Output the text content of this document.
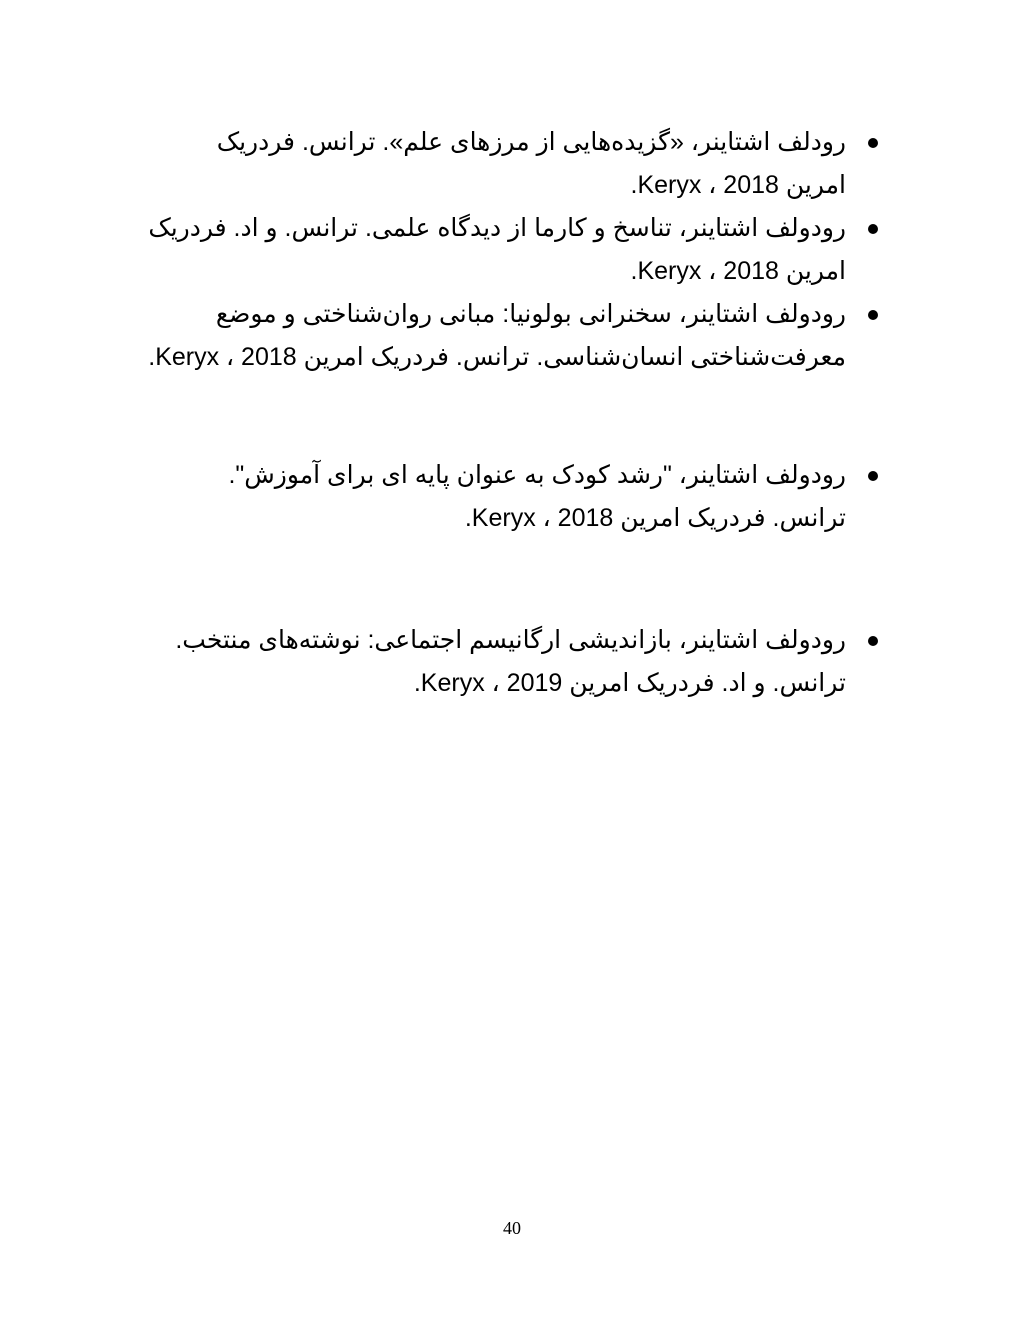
رودلف اشتاینر، «گزیده‌هایی از مرزهای علم». ترانس. فردریک
امرین Keryx ، 2018.
رودولف اشتاینر، تناسخ و کارما از دیدگاه علمی. ترانس. و اد. فردریک
امرین Keryx ، 2018.
رودولف اشتاینر، سخنرانی بولونیا: مبانی روان‌شناختی و موضع
معرفت‌شناختی انسان‌شناسی. ترانس. فردریک امرین Keryx ، 2018.
رودولف اشتاینر، "رشد کودک به عنوان پایه ای برای آموزش".
ترانس. فردریک امرین Keryx ، 2018.
رودولف اشتاینر، بازاندیشی ارگانیسم اجتماعی: نوشته‌های منتخب.
ترانس. و اد. فردریک امرین Keryx ، 2019.
40
